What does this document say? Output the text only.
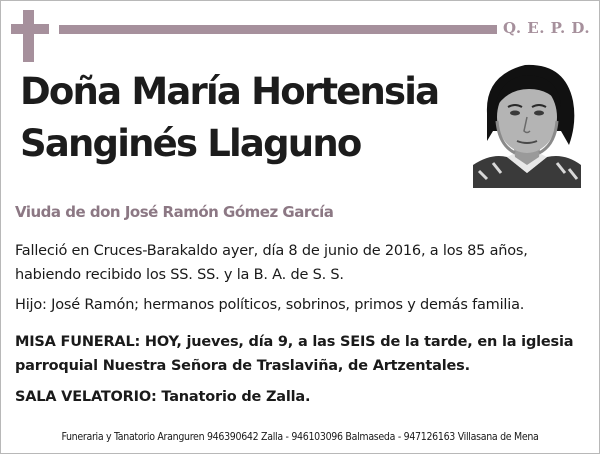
Q. E. P. D.
Doña María Hortensia
Sanginés Llaguno
Viuda de don José Ramón Gómez García

Falleció en Cruces-Barakaldo ayer, día 8 de junio de 2016, a los 85 años,
habiendo recibido los SS. SS. y la B. A. de S. S.

Hijo: José Ramón; hermanos políticos, sobrinos, primos y demás familia.

MISA FUNERAL: HOY, jueves, día 9, a las SEIS de la tarde, en la iglesia
parroquial Nuestra Señora de Traslaviña, de Artzentales.

SALA VELATORIO: Tanatorio de Zalla.

Funeraria y Tanatorio Aranguren 946390642 Zalla - 946103096 Balmaseda - 947126163 Villasana de Mena
